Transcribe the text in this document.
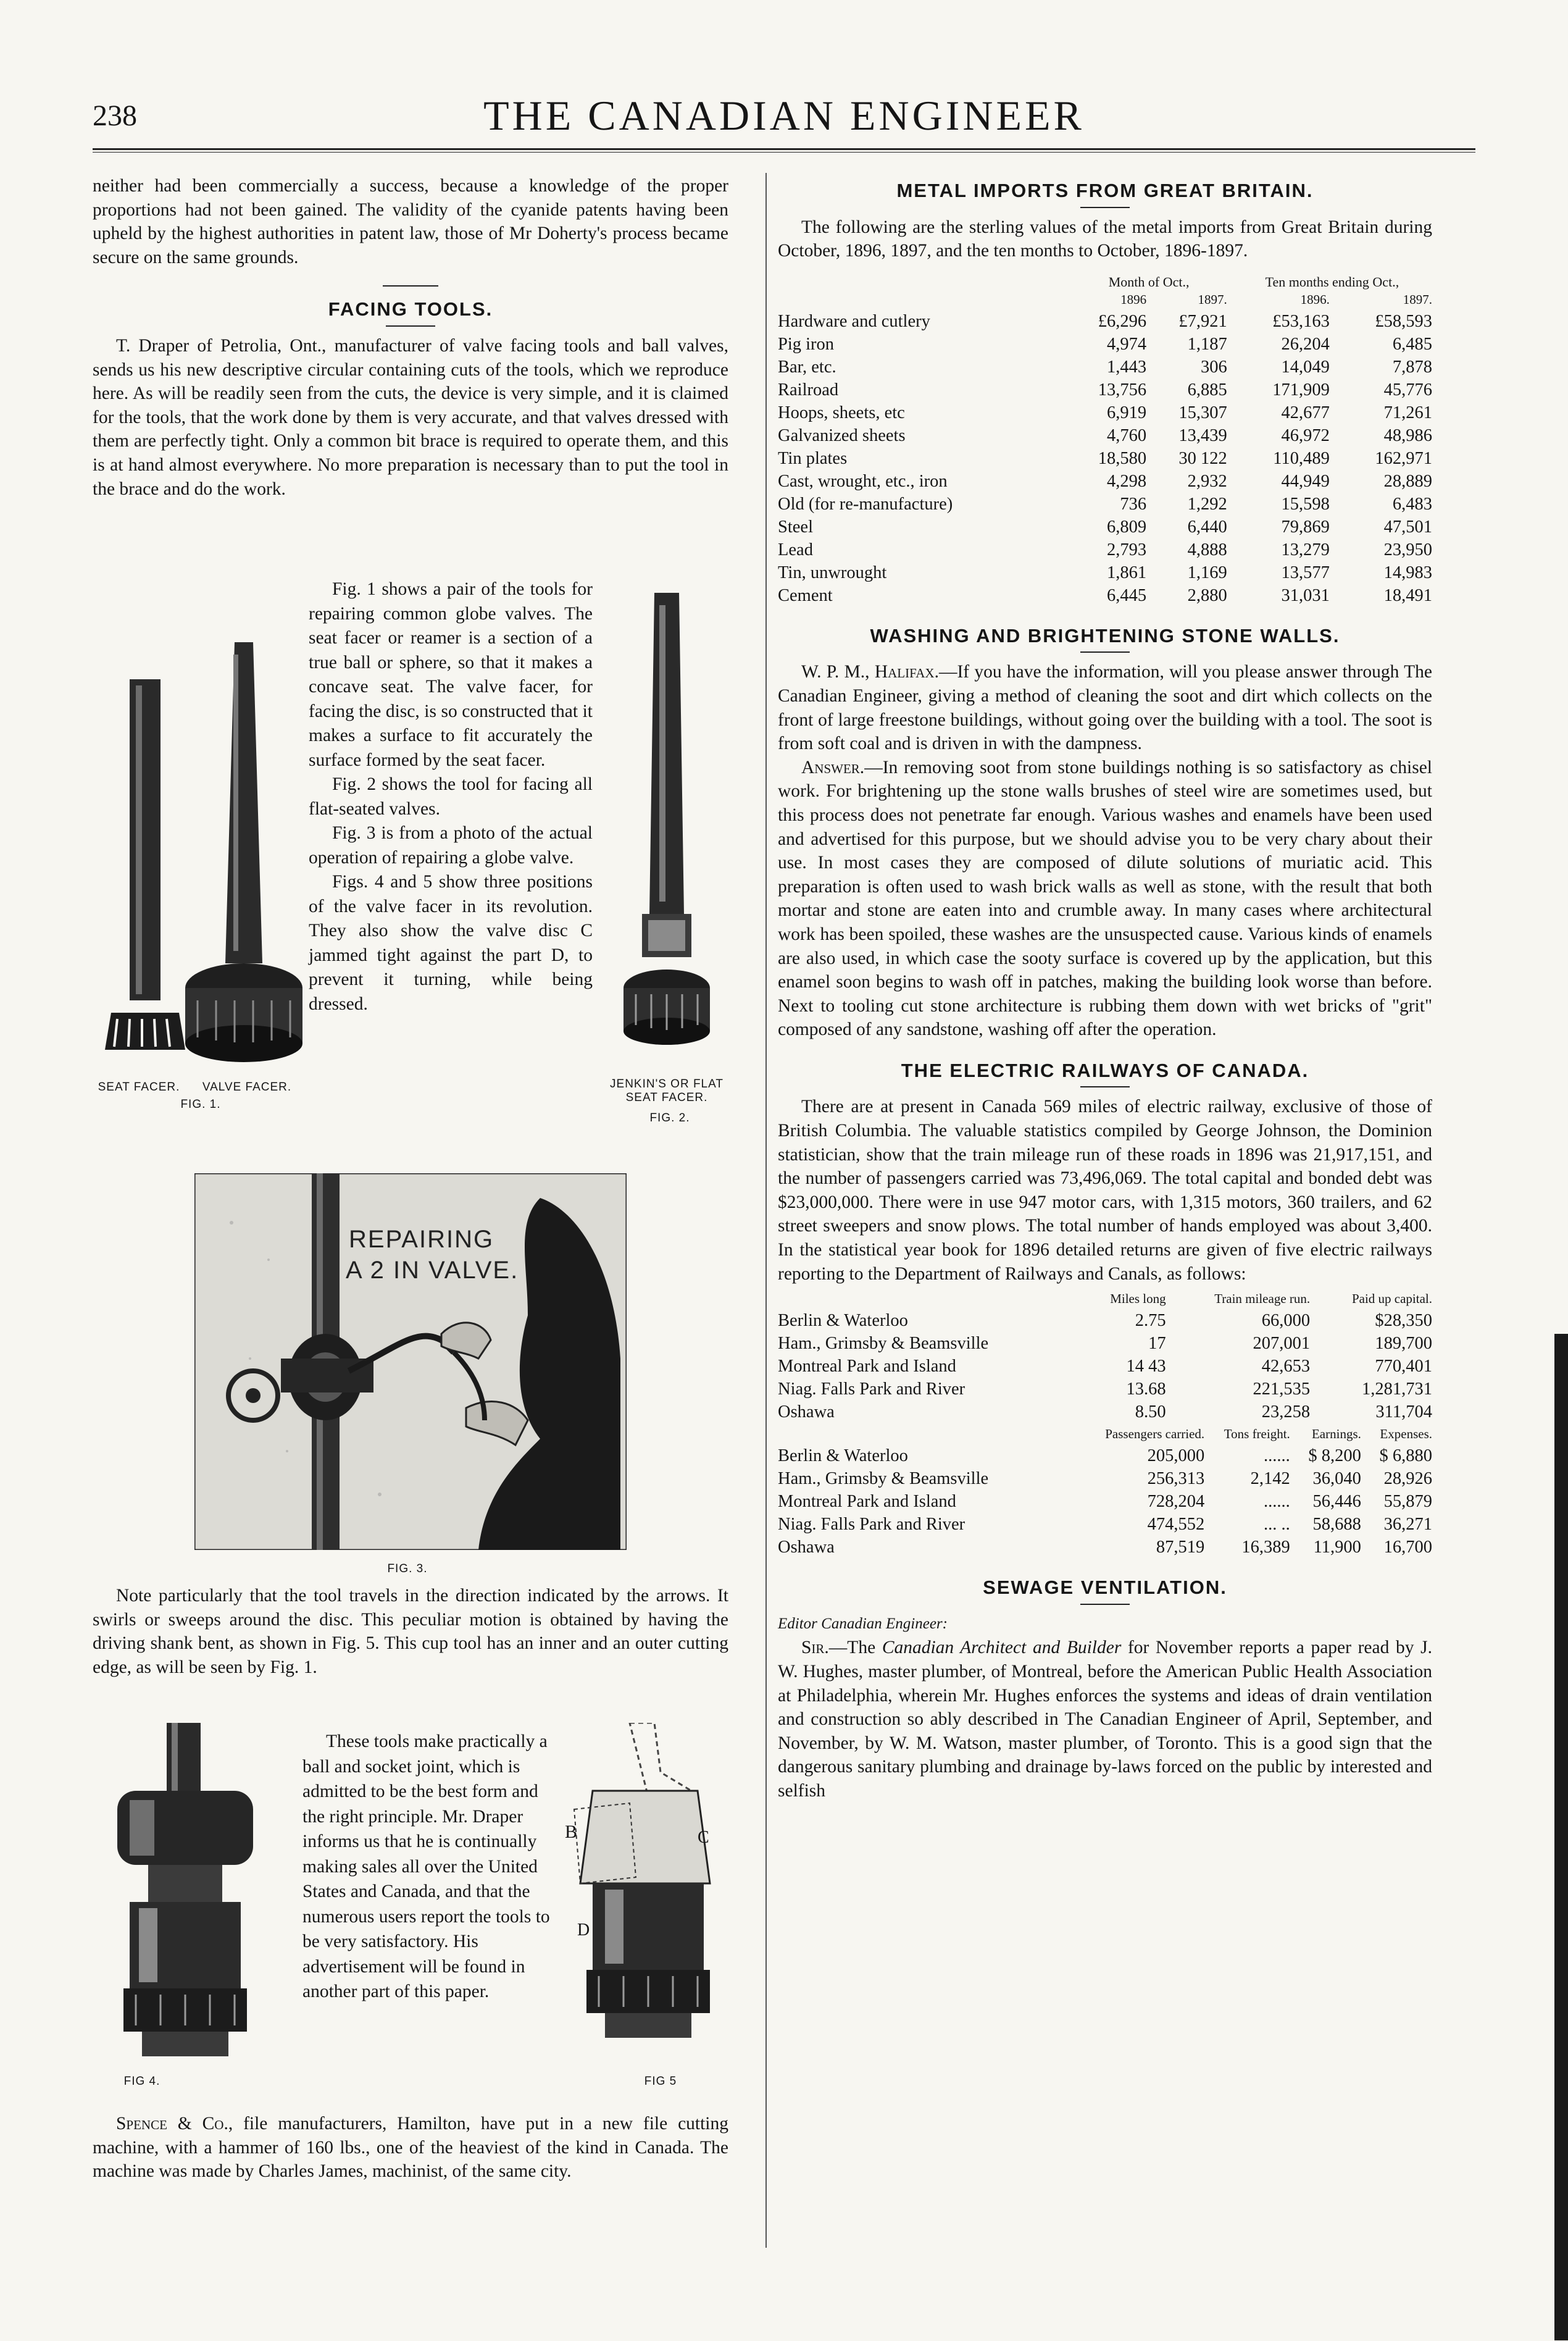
238	THE CANADIAN ENGINEER

neither had been commercially a success, because a knowledge of the proper proportions had not been gained. The validity of the cyanide patents having been upheld by the highest authorities in patent law, those of Mr Doherty's process became secure on the same grounds.

FACING TOOLS.

T. Draper of Petrolia, Ont., manufacturer of valve facing tools and ball valves, sends us his new descriptive circular containing cuts of the tools, which we reproduce here. As will be readily seen from the cuts, the device is very simple, and it is claimed for the tools, that the work done by them is very accurate, and that valves dressed with them are perfectly tight. Only a common bit brace is required to operate them, and this is at hand almost everywhere. No more preparation is necessary than to put the tool in the brace and do the work.

Fig. 1 shows a pair of the tools for repairing common globe valves. The seat facer or reamer is a section of a true ball or sphere, so that it makes a concave seat. The valve facer, for facing the disc, is so constructed that it makes a surface to fit accurately the surface formed by the seat facer.

Fig. 2 shows the tool for facing all flat-seated valves.

Fig. 3 is from a photo of the actual operation of repairing a globe valve.

Figs. 4 and 5 show three positions of the valve facer in its revolution. They also show the valve disc C jammed tight against the part D, to prevent it turning, while being dressed.

SEAT FACER.	VALVE FACER.
FIG. 1.
JENKIN'S OR FLAT SEAT FACER.
FIG. 2.
REPAIRING
A 2 IN VALVE.
FIG. 3.

Note particularly that the tool travels in the direction indicated by the arrows. It swirls or sweeps around the disc. This peculiar motion is obtained by having the driving shank bent, as shown in Fig. 5. This cup tool has an inner and an outer cutting edge, as will be seen by Fig. 1.

FIG 4.

These tools make practically a ball and socket joint, which is admitted to be the best form and the right principle. Mr. Draper informs us that he is continually making sales all over the United States and Canada, and that the numerous users report the tools to be very satisfactory. His advertisement will be found in another part of this paper.

B	C
D
FIG 5

Spence & Co., file manufacturers, Hamilton, have put in a new file cutting machine, with a hammer of 160 lbs., one of the heaviest of the kind in Canada. The machine was made by Charles James, machinist, of the same city.

METAL IMPORTS FROM GREAT BRITAIN.

The following are the sterling values of the metal imports from Great Britain during October, 1896, 1897, and the ten months to October, 1896-1897.

	Month of Oct.,		Ten months ending Oct.,	
	1896	1897.	1896.	1897.
Hardware and cutlery	£6,296	£7,921	£53,163	£58,593
Pig iron	4,974	1,187	26,204	6,485
Bar, etc.	1,443	306	14,049	7,878
Railroad	13,756	6,885	171,909	45,776
Hoops, sheets, etc	6,919	15,307	42,677	71,261
Galvanized sheets	4,760	13,439	46,972	48,986
Tin plates	18,580	30 122	110,489	162,971
Cast, wrought, etc., iron	4,298	2,932	44,949	28,889
Old (for re-manufacture)	736	1,292	15,598	6,483
Steel	6,809	6,440	79,869	47,501
Lead	2,793	4,888	13,279	23,950
Tin, unwrought	1,861	1,169	13,577	14,983
Cement	6,445	2,880	31,031	18,491
WASHING AND BRIGHTENING STONE WALLS.

W. P. M., Halifax.—If you have the information, will you please answer through The Canadian Engineer, giving a method of cleaning the soot and dirt which collects on the front of large freestone buildings, without going over the building with a tool. The soot is from soft coal and is driven in with the dampness.

Answer.—In removing soot from stone buildings nothing is so satisfactory as chisel work. For brightening up the stone walls brushes of steel wire are sometimes used, but this process does not penetrate far enough. Various washes and enamels have been used and advertised for this purpose, but we should advise you to be very chary about their use. In most cases they are composed of dilute solutions of muriatic acid. This preparation is often used to wash brick walls as well as stone, with the result that both mortar and stone are eaten into and crumble away. In many cases where architectural work has been spoiled, these washes are the unsuspected cause. Various kinds of enamels are also used, in which case the sooty surface is covered up by the application, but this enamel soon begins to wash off in patches, making the building look worse than before. Next to tooling cut stone architecture is rubbing them down with wet bricks of "grit" composed of any sandstone, washing off after the operation.

THE ELECTRIC RAILWAYS OF CANADA.

There are at present in Canada 569 miles of electric railway, exclusive of those of British Columbia. The valuable statistics compiled by George Johnson, the Dominion statistician, show that the train mileage run of these roads in 1896 was 21,917,151, and the number of passengers carried was 73,496,069. The total capital and bonded debt was $23,000,000. There were in use 947 motor cars, with 1,315 motors, 360 trailers, and 62 street sweepers and snow plows. The total number of hands employed was about 3,400. In the statistical year book for 1896 detailed returns are given of five electric railways reporting to the Department of Railways and Canals, as follows:

	Miles long	Train mileage run.	Paid up capital.
Berlin & Waterloo	2.75	66,000	$28,350
Ham., Grimsby & Beamsville	17	207,001	189,700
Montreal Park and Island	14 43	42,653	770,401
Niag. Falls Park and River	13.68	221,535	1,281,731
Oshawa	8.50	23,258	311,704
	Passengers carried.	Tons freight.	Earnings.	Expenses.
Berlin & Waterloo	205,000	......	$ 8,200	$ 6,880
Ham., Grimsby & Beamsville	256,313	2,142	36,040	28,926
Montreal Park and Island	728,204	......	56,446	55,879
Niag. Falls Park and River	474,552	... ..	58,688	36,271
Oshawa	87,519	16,389	11,900	16,700
SEWAGE VENTILATION.

Editor Canadian Engineer:

Sir.—The Canadian Architect and Builder for November reports a paper read by J. W. Hughes, master plumber, of Montreal, before the American Public Health Association at Philadelphia, wherein Mr. Hughes enforces the systems and ideas of drain ventilation and construction so ably described in The Canadian Engineer of April, September, and November, by W. M. Watson, master plumber, of Toronto. This is a good sign that the dangerous sanitary plumbing and drainage by-laws forced on the public by interested and selfish
